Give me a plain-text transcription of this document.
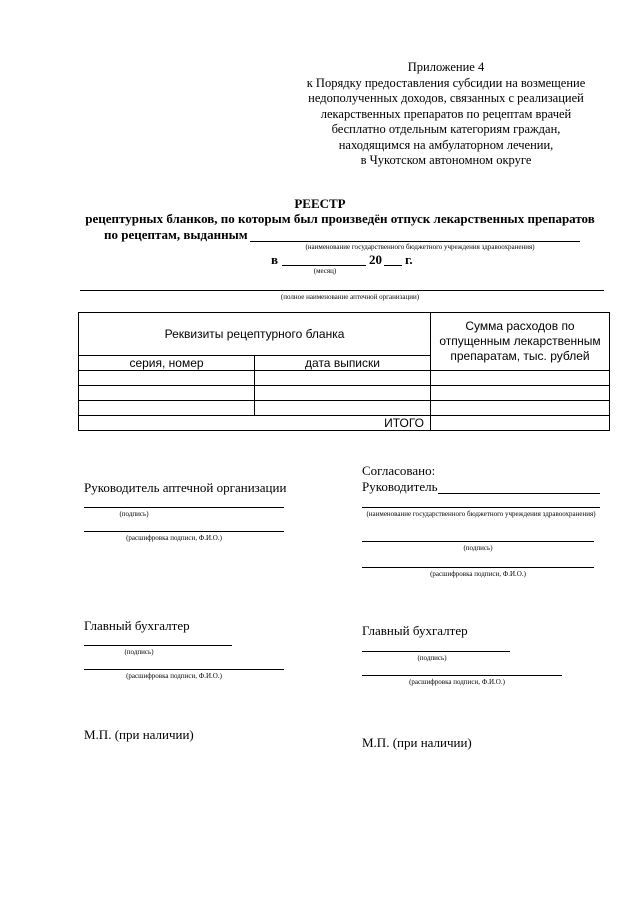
Приложение 4
к Порядку предоставления субсидии на возмещение
недополученных доходов, связанных с реализацией
лекарственных препаратов по рецептам врачей
бесплатно отдельным категориям граждан,
находящимся на амбулаторном лечении,
в Чукотском автономном округе
РЕЕСТР
рецептурных бланков, по которым был произведён отпуск лекарственных препаратов
по рецептам, выданным
(наименование государственного бюджетного учреждения здравоохранения)
в	20 г.
(месяц)
(полное наименование аптечной организации)
Реквизиты рецептурного бланка		Сумма расходов по отпущенным лекарственным препаратам, тыс. рублей
серия, номер	дата выписки	

ИТОГО		
Руководитель аптечной организации
(подпись)
(расшифровка подписи, Ф.И.О.)
Главный бухгалтер
(подпись)
(расшифровка подписи, Ф.И.О.)
М.П. (при наличии)
Согласовано:
Руководитель
(наименование государственного бюджетного учреждения здравоохранения)
(подпись)
(расшифровка подписи, Ф.И.О.)
Главный бухгалтер
(подпись)
(расшифровка подписи, Ф.И.О.)
М.П. (при наличии)
